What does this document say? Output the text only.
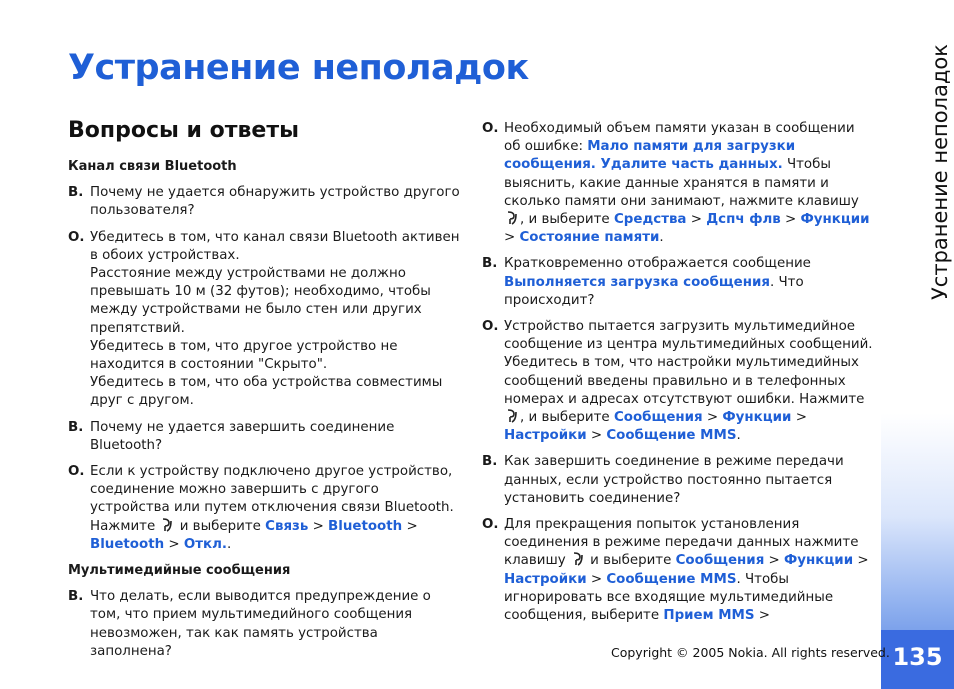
Устранение неполадок
Вопросы и ответы

Канал связи Bluetooth

В. Почему не удается обнаружить устройство другого пользователя?
О. Убедитесь в том, что канал связи Bluetooth активен в обоих устройствах.
Расстояние между устройствами не должно превышать 10 м (32 футов); необходимо, чтобы между устройствами не было стен или других препятствий.
Убедитесь в том, что другое устройство не находится в состоянии "Скрыто".
Убедитесь в том, что оба устройства совместимы друг с другом.
В. Почему не удается завершить соединение Bluetooth?
О. Если к устройству подключено другое устройство, соединение можно завершить с другого устройства или путем отключения связи Bluetooth. Нажмите и выберите Связь > Bluetooth > Bluetooth > Откл..

Мультимедийные сообщения

В. Что делать, если выводится предупреждение о том, что прием мультимедийного сообщения невозможен, так как память устройства заполнена?
О. Необходимый объем памяти указан в сообщении об ошибке: Мало памяти для загрузки сообщения. Удалите часть данных. Чтобы выяснить, какие данные хранятся в памяти и сколько памяти они занимают, нажмите клавишу , и выберите Средства > Дспч флв > Функции > Состояние памяти.
В. Кратковременно отображается сообщение Выполняется загрузка сообщения. Что происходит?
О. Устройство пытается загрузить мультимедийное сообщение из центра мультимедийных сообщений. Убедитесь в том, что настройки мультимедийных сообщений введены правильно и в телефонных номерах и адресах отсутствуют ошибки. Нажмите , и выберите Сообщения > Функции > Настройки > Сообщение MMS.
В. Как завершить соединение в режиме передачи данных, если устройство постоянно пытается установить соединение?
О. Для прекращения попыток установления соединения в режиме передачи данных нажмите клавишу и выберите Сообщения > Функции > Настройки > Сообщение MMS. Чтобы игнорировать все входящие мультимедийные сообщения, выберите Прием MMS >
Устранение неполадок
135
Copyright © 2005 Nokia. All rights reserved.
